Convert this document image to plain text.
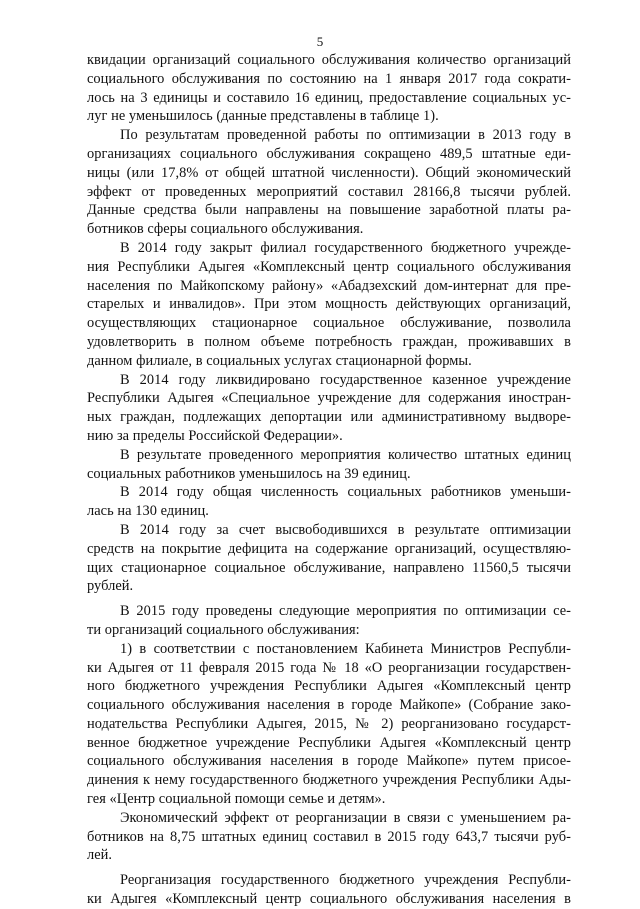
5

квидации организаций социального обслуживания количество организаций
социального обслуживания по состоянию на 1 января 2017 года сократи-
лось на 3 единицы и составило 16 единиц, предоставление социальных ус-
луг не уменьшилось (данные представлены в таблице 1).

По результатам проведенной работы по оптимизации в 2013 году в
организациях социального обслуживания сокращено 489,5 штатные еди-
ницы (или 17,8% от общей штатной численности). Общий экономический
эффект от проведенных мероприятий составил 28166,8 тысячи рублей.
Данные средства были направлены на повышение заработной платы ра-
ботников сферы социального обслуживания.

В 2014 году закрыт филиал государственного бюджетного учрежде-
ния Республики Адыгея «Комплексный центр социального обслуживания
населения по Майкопскому району» «Абадзехский дом-интернат для пре-
старелых и инвалидов». При этом мощность действующих организаций,
осуществляющих стационарное социальное обслуживание, позволила
удовлетворить в полном объеме потребность граждан, проживавших в
данном филиале, в социальных услугах стационарной формы.

В 2014 году ликвидировано государственное казенное учреждение
Республики Адыгея «Специальное учреждение для содержания иностран-
ных граждан, подлежащих депортации или административному выдворе-
нию за пределы Российской Федерации».

В результате проведенного мероприятия количество штатных единиц
социальных работников уменьшилось на 39 единиц.

В 2014 году общая численность социальных работников уменьши-
лась на 130 единиц.

В 2014 году за счет высвободившихся в результате оптимизации
средств на покрытие дефицита на содержание организаций, осуществляю-
щих стационарное социальное обслуживание, направлено 11560,5 тысячи
рублей.

В 2015 году проведены следующие мероприятия по оптимизации се-
ти организаций социального обслуживания:

1) в соответствии с постановлением Кабинета Министров Республи-
ки Адыгея от 11 февраля 2015 года № 18 «О реорганизации государствен-
ного бюджетного учреждения Республики Адыгея «Комплексный центр
социального обслуживания населения в городе Майкопе» (Собрание зако-
нодательства Республики Адыгея, 2015, № 2) реорганизовано государст-
венное бюджетное учреждение Республики Адыгея «Комплексный центр
социального обслуживания населения в городе Майкопе» путем присое-
динения к нему государственного бюджетного учреждения Республики Ады-
гея «Центр социальной помощи семье и детям».

Экономический эффект от реорганизации в связи с уменьшением ра-
ботников на 8,75 штатных единиц составил в 2015 году 643,7 тысячи руб-
лей.

Реорганизация государственного бюджетного учреждения Республи-
ки Адыгея «Комплексный центр социального обслуживания населения в
